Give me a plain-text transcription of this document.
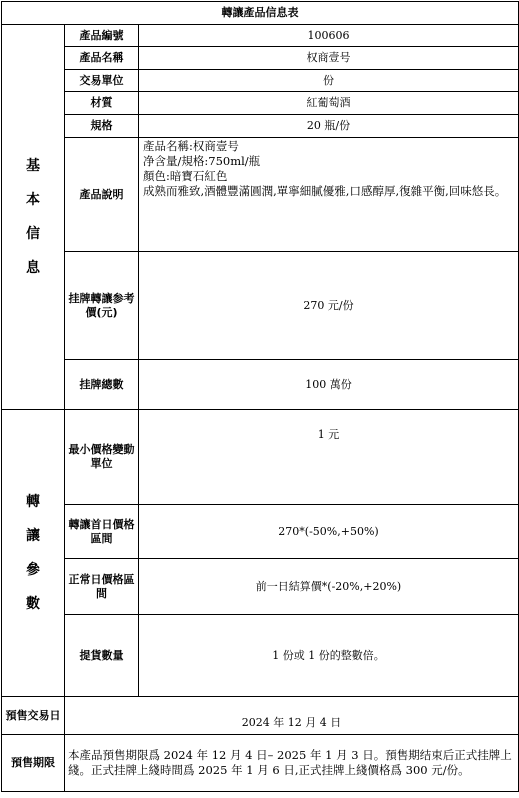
轉讓產品信息表		
基
本
信
息	產品編號	100606
	產品名稱	权商壹号
	交易單位	份
	材質	紅葡萄酒
	規格	20 瓶/份
	產品說明	產品名稱:权商壹号
净含量/規格:750ml/瓶
顏色:暗寶石紅色
成熟而雅致,酒體豐滿圓潤,單寧細膩優雅,口感醇厚,復雜平衡,回味悠長。

	挂牌轉讓参考價(元)	270 元/份
	挂牌總數	100 萬份
轉
讓
參
數	最小價格變動單位	1 元
	轉讓首日價格區間	270*(-50%,+50%)
	正常日價格區間	前一日結算價*(-20%,+20%)
	提貨數量	1 份或 1 份的整數倍。
預售交易日	2024 年 12 月 4 日	
預售期限	本產品預售期限爲 2024 年 12 月 4 日– 2025 年 1 月 3 日。預售期结束后正式挂牌上綫。正式挂牌上綫時間爲 2025 年 1 月 6 日,正式挂牌上綫價格爲 300 元/份。	
